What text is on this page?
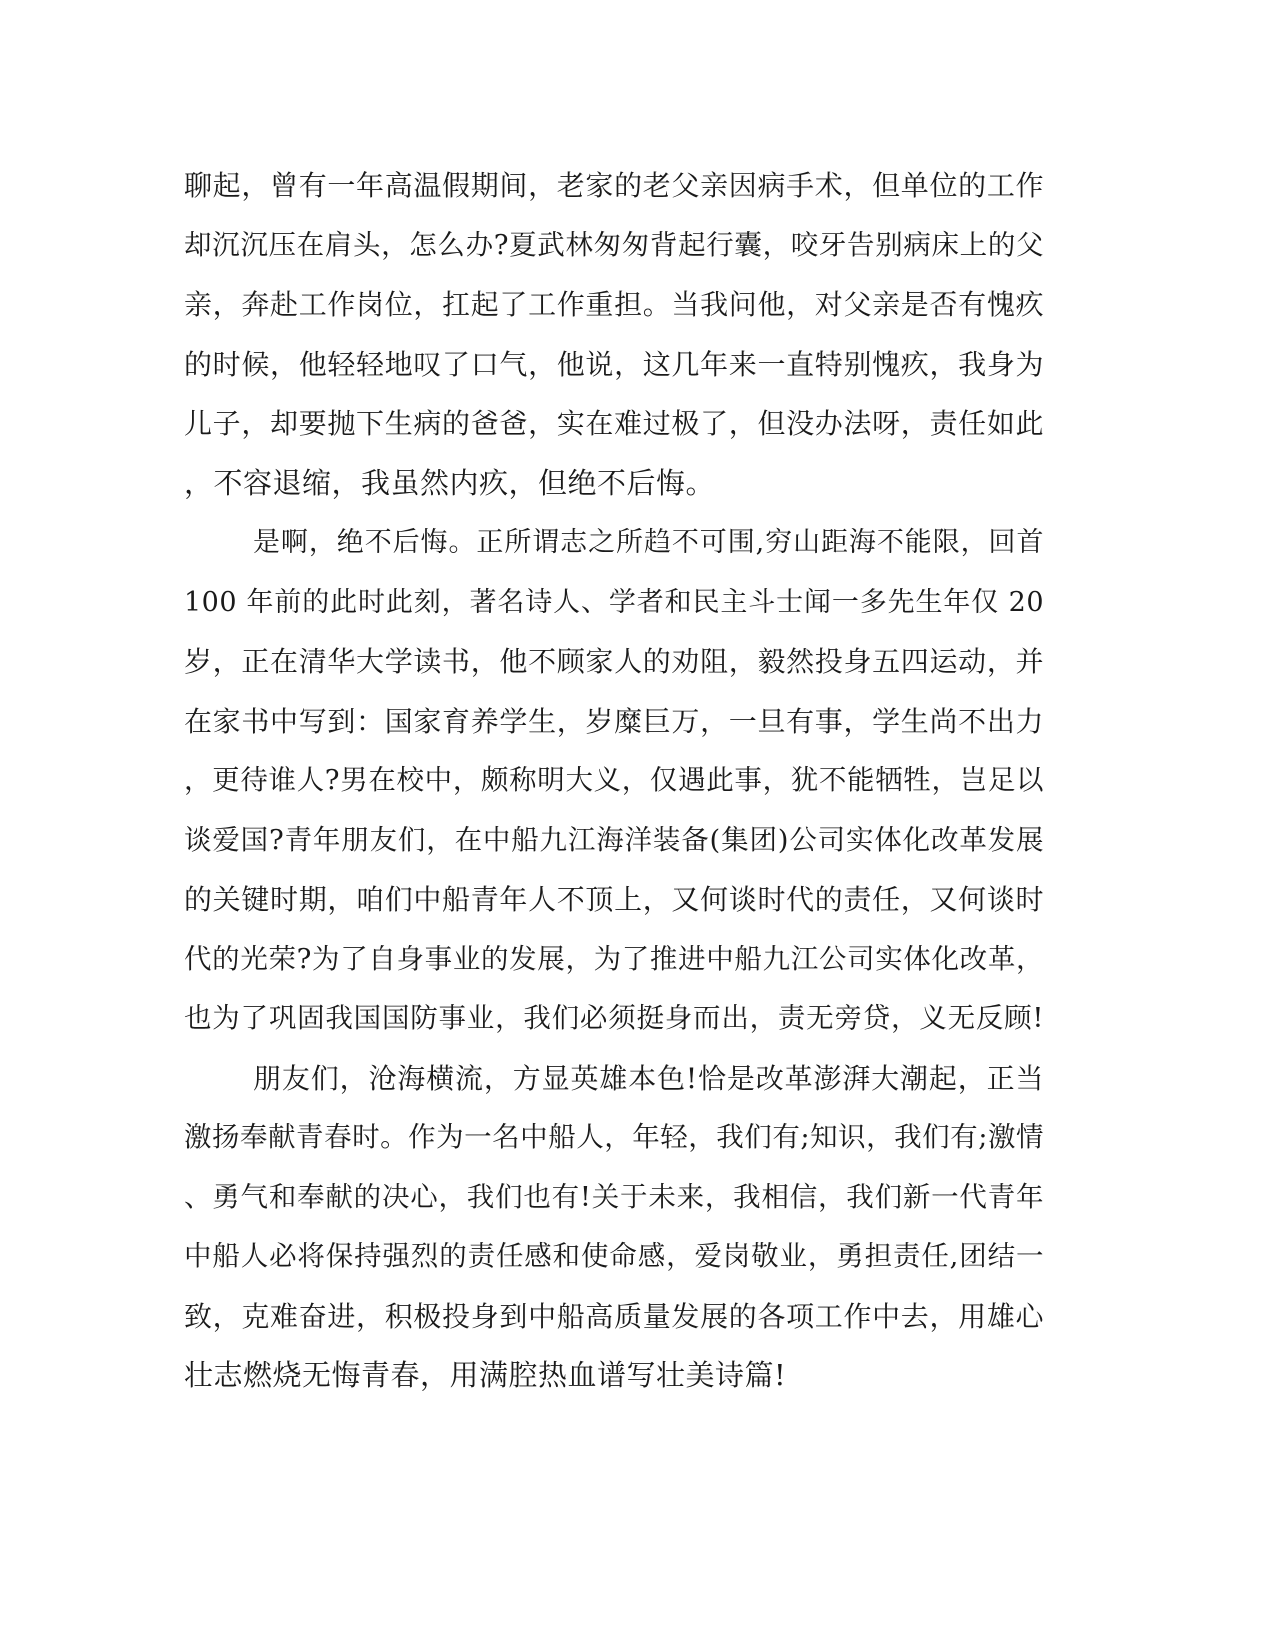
聊起，曾有一年高温假期间，老家的老父亲因病手术，但单位的工作
却沉沉压在肩头，怎么办?夏武林匆匆背起行囊，咬牙告别病床上的父
亲，奔赴工作岗位，扛起了工作重担。当我问他，对父亲是否有愧疚
的时候，他轻轻地叹了口气，他说，这几年来一直特别愧疚，我身为
儿子，却要抛下生病的爸爸，实在难过极了，但没办法呀，责任如此
，不容退缩，我虽然内疚，但绝不后悔。
是啊，绝不后悔。正所谓志之所趋不可围,穷山距海不能限，回首
100 年前的此时此刻，著名诗人、学者和民主斗士闻一多先生年仅 20
岁，正在清华大学读书，他不顾家人的劝阻，毅然投身五四运动，并
在家书中写到：国家育养学生，岁糜巨万，一旦有事，学生尚不出力
，更待谁人?男在校中，颇称明大义，仅遇此事，犹不能牺牲，岂足以
谈爱国?青年朋友们，在中船九江海洋装备(集团)公司实体化改革发展
的关键时期，咱们中船青年人不顶上，又何谈时代的责任，又何谈时
代的光荣?为了自身事业的发展，为了推进中船九江公司实体化改革，
也为了巩固我国国防事业，我们必须挺身而出，责无旁贷，义无反顾!
朋友们，沧海横流，方显英雄本色!恰是改革澎湃大潮起，正当
激扬奉献青春时。作为一名中船人，年轻，我们有;知识，我们有;激情
、勇气和奉献的决心，我们也有!关于未来，我相信，我们新一代青年
中船人必将保持强烈的责任感和使命感，爱岗敬业，勇担责任,团结一
致，克难奋进，积极投身到中船高质量发展的各项工作中去，用雄心
壮志燃烧无悔青春，用满腔热血谱写壮美诗篇!
